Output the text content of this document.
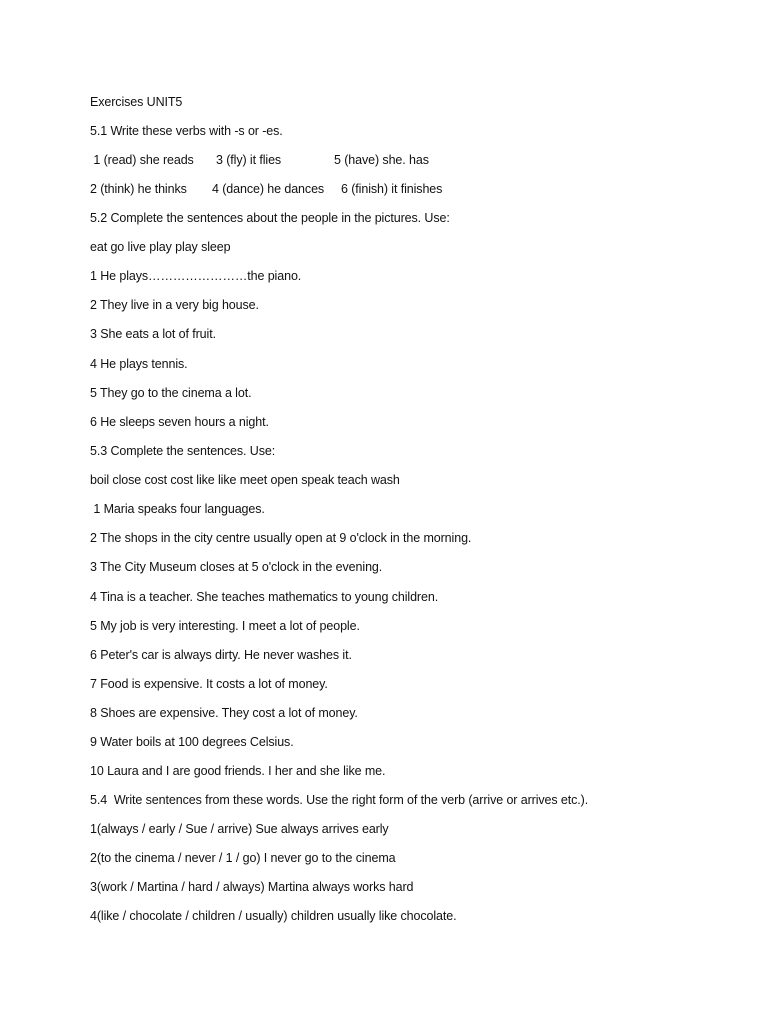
Exercises UNIT5
5.1 Write these verbs with -s or -es.
1 (read) she reads 3 (fly) it flies	5 (have) she. has
2 (think) he thinks 4 (dance) he dances 6 (finish) it finishes
5.2 Complete the sentences about the people in the pictures. Use:
eat go live play play sleep
1 He plays……………………the piano.
2 They live in a very big house.
3 She eats a lot of fruit.
4 He plays tennis.
5 They go to the cinema a lot.
6 He sleeps seven hours a night.
5.3 Complete the sentences. Use:
boil close cost cost like like meet open speak teach wash
1 Maria speaks four languages.
2 The shops in the city centre usually open at 9 o'clock in the morning.
3 The City Museum closes at 5 o'clock in the evening.
4 Tina is a teacher. She teaches mathematics to young children.
5 My job is very interesting. I meet a lot of people.
6 Peter's car is always dirty. He never washes it.
7 Food is expensive. It costs a lot of money.
8 Shoes are expensive. They cost a lot of money.
9 Water boils at 100 degrees Celsius.
10 Laura and I are good friends. I her and she like me.
5.4  Write sentences from these words. Use the right form of the verb (arrive or arrives etc.).
1(always / early / Sue / arrive) Sue always arrives early
2(to the cinema / never / 1 / go) I never go to the cinema
3(work / Martina / hard / always) Martina always works hard
4(like / chocolate / children / usually) children usually like chocolate.
